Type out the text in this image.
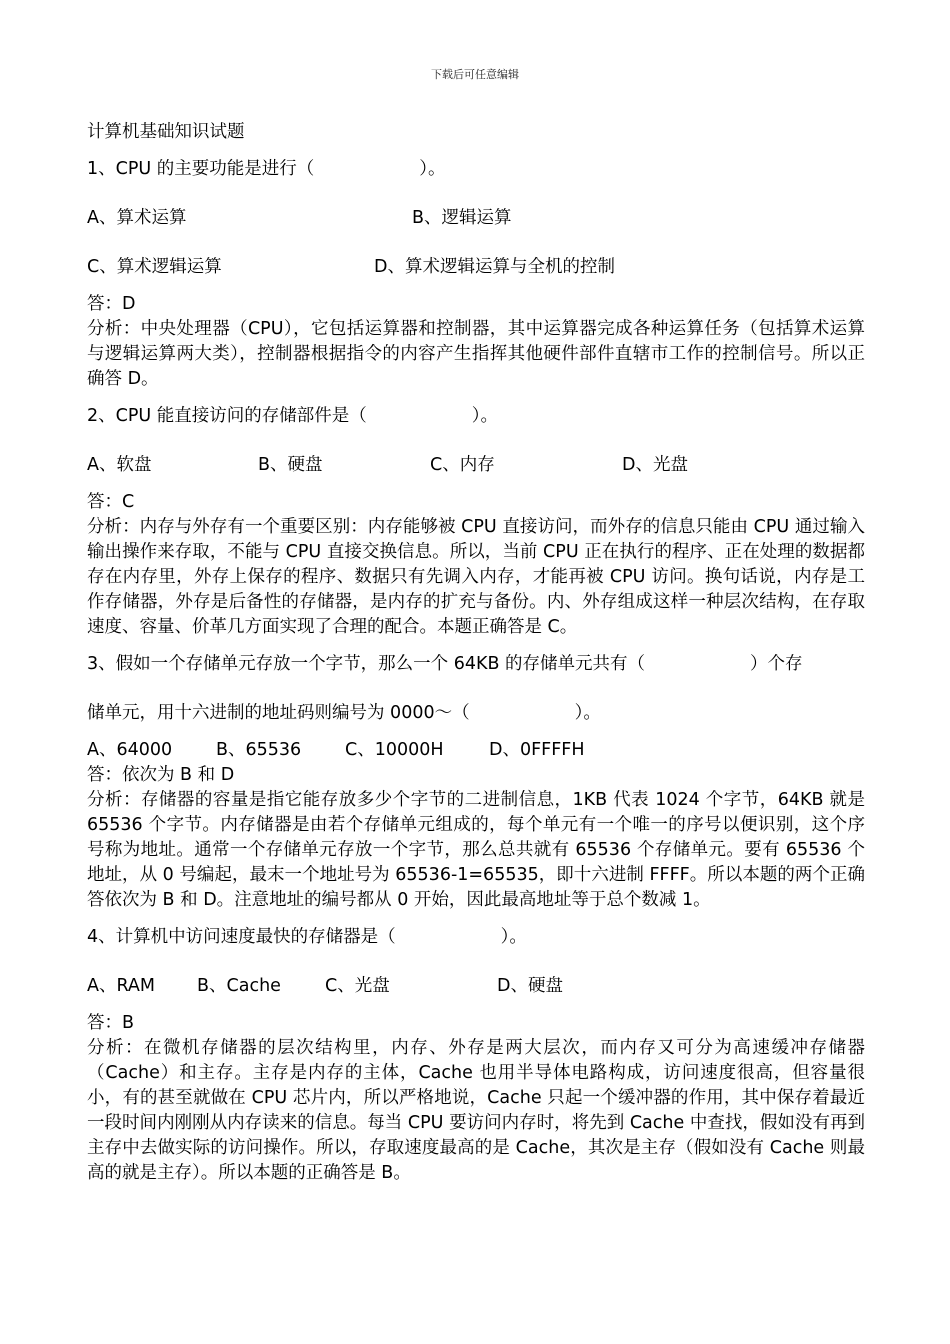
下载后可任意编辑

计算机基础知识试题

1、CPU 的主要功能是进行（　　　　　　）。

A、算术运算	B、逻辑运算
C、算术逻辑运算	D、算术逻辑运算与全机的控制

答：D

分析：中央处理器（CPU），它包括运算器和控制器，其中运算器完成各种运算任务（包括算术运算与逻辑运算两大类），控制器根据指令的内容产生指挥其他硬件部件直辖市工作的控制信号。所以正确答 D。

2、CPU 能直接访问的存储部件是（　　　　　　）。

A、软盘	B、硬盘	C、内存	D、光盘

答：C

分析：内存与外存有一个重要区别：内存能够被 CPU 直接访问，而外存的信息只能由 CPU 通过输入输出操作来存取，不能与 CPU 直接交换信息。所以，当前 CPU 正在执行的程序、正在处理的数据都存在内存里，外存上保存的程序、数据只有先调入内存，才能再被 CPU 访问。换句话说，内存是工作存储器，外存是后备性的存储器，是内存的扩充与备份。内、外存组成这样一种层次结构，在存取速度、容量、价革几方面实现了合理的配合。本题正确答是 C。

3、假如一个存储单元存放一个字节，那么一个 64KB 的存储单元共有（　　　　　　）个存

储单元，用十六进制的地址码则编号为 0000～（　　　　　　）。

A、64000	B、65536	C、10000H	D、0FFFFH

答：依次为 B 和 D

分析：存储器的容量是指它能存放多少个字节的二进制信息，1KB 代表 1024 个字节，64KB 就是 65536 个字节。内存储器是由若个存储单元组成的，每个单元有一个唯一的序号以便识别，这个序号称为地址。通常一个存储单元存放一个字节，那么总共就有 65536 个存储单元。要有 65536 个地址，从 0 号编起，最末一个地址号为 65536-1=65535，即十六进制 FFFF。所以本题的两个正确答依次为 B 和 D。注意地址的编号都从 0 开始，因此最高地址等于总个数减 1。

4、计算机中访问速度最快的存储器是（　　　　　　）。

A、RAM B、Cache	C、光盘	D、硬盘

答：B

分析：在微机存储器的层次结构里，内存、外存是两大层次，而内存又可分为高速缓冲存储器（Cache）和主存。主存是内存的主体，Cache 也用半导体电路构成，访问速度很高，但容量很小，有的甚至就做在 CPU 芯片内，所以严格地说，Cache 只起一个缓冲器的作用，其中保存着最近一段时间内刚刚从内存读来的信息。每当 CPU 要访问内存时，将先到 Cache 中查找，假如没有再到主存中去做实际的访问操作。所以，存取速度最高的是 Cache，其次是主存（假如没有 Cache 则最高的就是主存）。所以本题的正确答是 B。
